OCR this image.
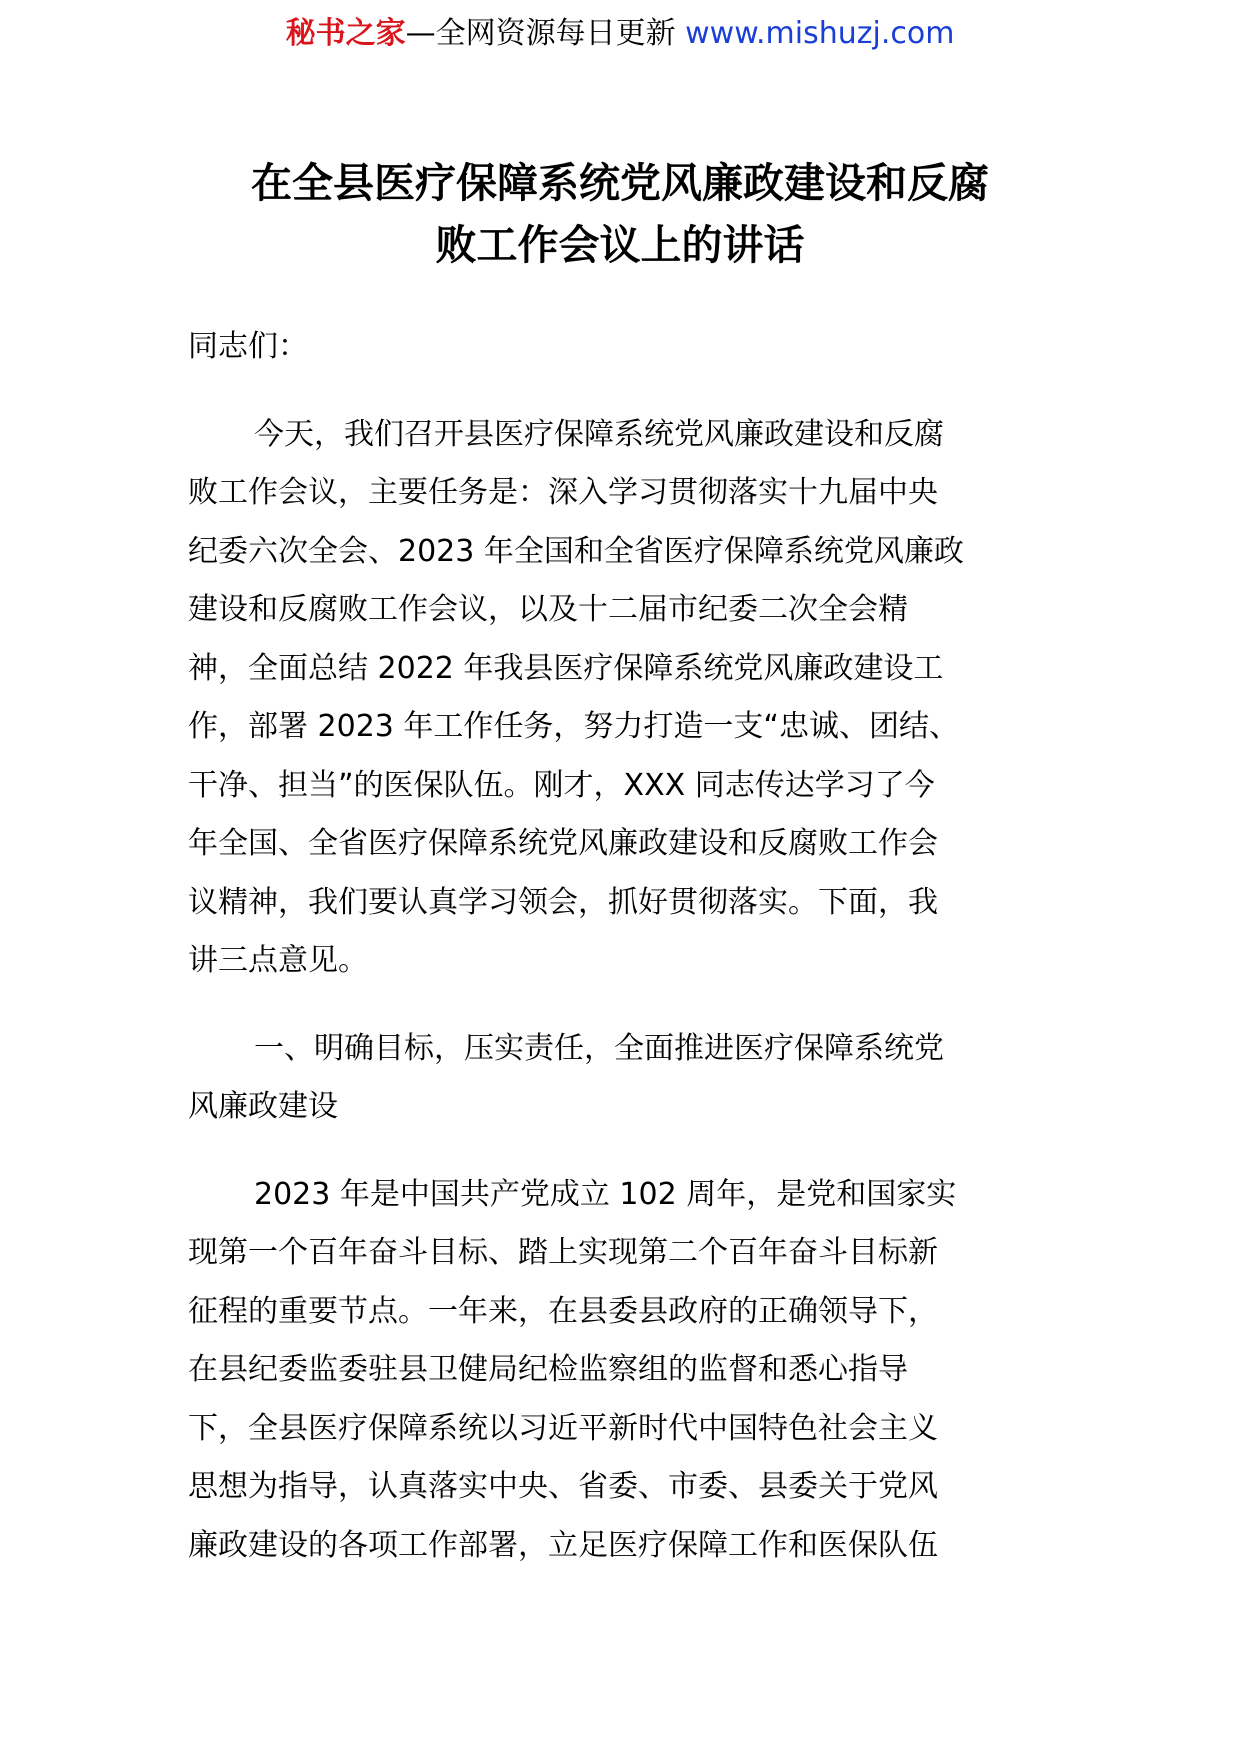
秘书之家—全网资源每日更新 www.mishuzj.com
在全县医疗保障系统党风廉政建设和反腐
败工作会议上的讲话
同志们：
今天，我们召开县医疗保障系统党风廉政建设和反腐
败工作会议，主要任务是：深入学习贯彻落实十九届中央
纪委六次全会、2023 年全国和全省医疗保障系统党风廉政
建设和反腐败工作会议，以及十二届市纪委二次全会精
神，全面总结 2022 年我县医疗保障系统党风廉政建设工
作，部署 2023 年工作任务，努力打造一支“忠诚、团结、
干净、担当”的医保队伍。刚才，XXX 同志传达学习了今
年全国、全省医疗保障系统党风廉政建设和反腐败工作会
议精神，我们要认真学习领会，抓好贯彻落实。下面，我
讲三点意见。
一、明确目标，压实责任，全面推进医疗保障系统党
风廉政建设
2023 年是中国共产党成立 102 周年，是党和国家实
现第一个百年奋斗目标、踏上实现第二个百年奋斗目标新
征程的重要节点。一年来，在县委县政府的正确领导下，
在县纪委监委驻县卫健局纪检监察组的监督和悉心指导
下，全县医疗保障系统以习近平新时代中国特色社会主义
思想为指导，认真落实中央、省委、市委、县委关于党风
廉政建设的各项工作部署，立足医疗保障工作和医保队伍
